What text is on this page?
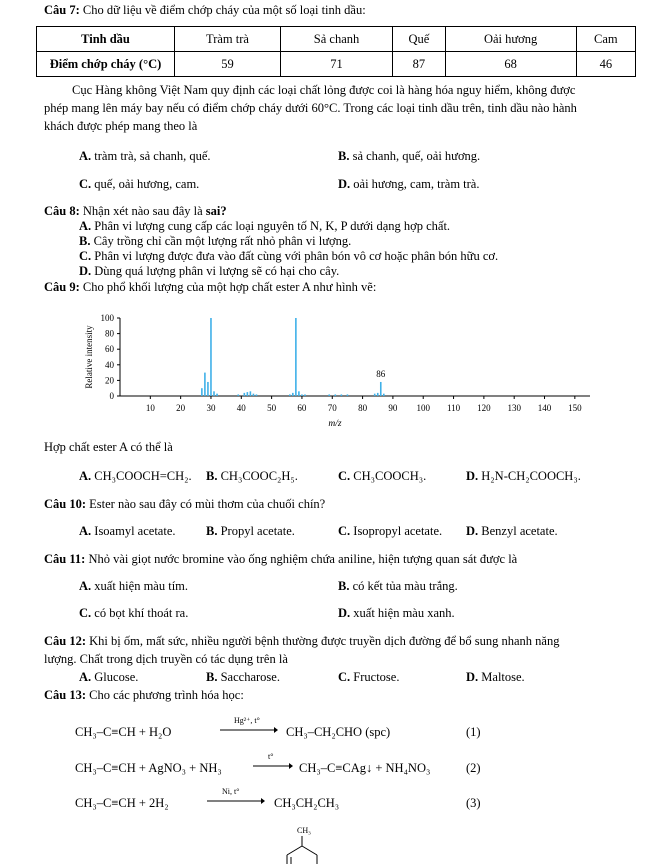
Câu 7: Cho dữ liệu về điểm chớp cháy của một số loại tinh dầu:
Tinh dầu	Tràm trà	Sả chanh	Quế	Oải hương	Cam
Điểm chớp cháy (°C)	59	71	87	68	46
Cục Hàng không Việt Nam quy định các loại chất lỏng được coi là hàng hóa nguy hiểm, không được
phép mang lên máy bay nếu có điểm chớp cháy dưới 60°C. Trong các loại tinh dầu trên, tinh dầu nào hành
khách được phép mang theo là
A. tràm trà, sả chanh, quế.	B. sả chanh, quế, oải hương.
C. quế, oải hương, cam.	D. oải hương, cam, tràm trà.
Câu 8: Nhận xét nào sau đây là sai?
A. Phân vi lượng cung cấp các loại nguyên tố N, K, P dưới dạng hợp chất.
B. Cây trồng chỉ cần một lượng rất nhỏ phân vi lượng.
C. Phân vi lượng được đưa vào đất cùng với phân bón vô cơ hoặc phân bón hữu cơ.
D. Dùng quá lượng phân vi lượng sẽ có hại cho cây.
Câu 9: Cho phổ khối lượng của một hợp chất ester A như hình vẽ:
0
20
40
60
80
100
10 20 30 40 50 60 70 80 90 100 110 120 130 140 150
86
m/z
Relative intensity
Hợp chất ester A có thể là
A. CH₃COOCH=CH₂. B. CH₃COOC₂H₅.	C. CH₃COOCH₃.	D. H₂N-CH₂COOCH₃.
Câu 10: Ester nào sau đây có mùi thơm của chuối chín?
A. Isoamyl acetate. B. Propyl acetate.	C. Isopropyl acetate. D. Benzyl acetate.
Câu 11: Nhỏ vài giọt nước bromine vào ống nghiệm chứa aniline, hiện tượng quan sát được là
A. xuất hiện màu tím.	B. có kết tủa màu trắng.
C. có bọt khí thoát ra.	D. xuất hiện màu xanh.
Câu 12: Khi bị ốm, mất sức, nhiều người bệnh thường được truyền dịch đường để bổ sung nhanh năng
lượng. Chất trong dịch truyền có tác dụng trên là
A. Glucose.	B. Saccharose.	C. Fructose.	D. Maltose.
Câu 13: Cho các phương trình hóa học:
CH₃–C≡CH + H₂O
Hg²⁺, t°
CH₃–CH₂CHO (spc)	(1)
CH₃–C≡CH + AgNO₃ + NH₃
t°
CH₃–C≡CAg↓ + NH₄NO₃	(2)
CH₃–C≡CH + 2H₂
Ni, t°
CH₃CH₂CH₃	(3)
CH₃
